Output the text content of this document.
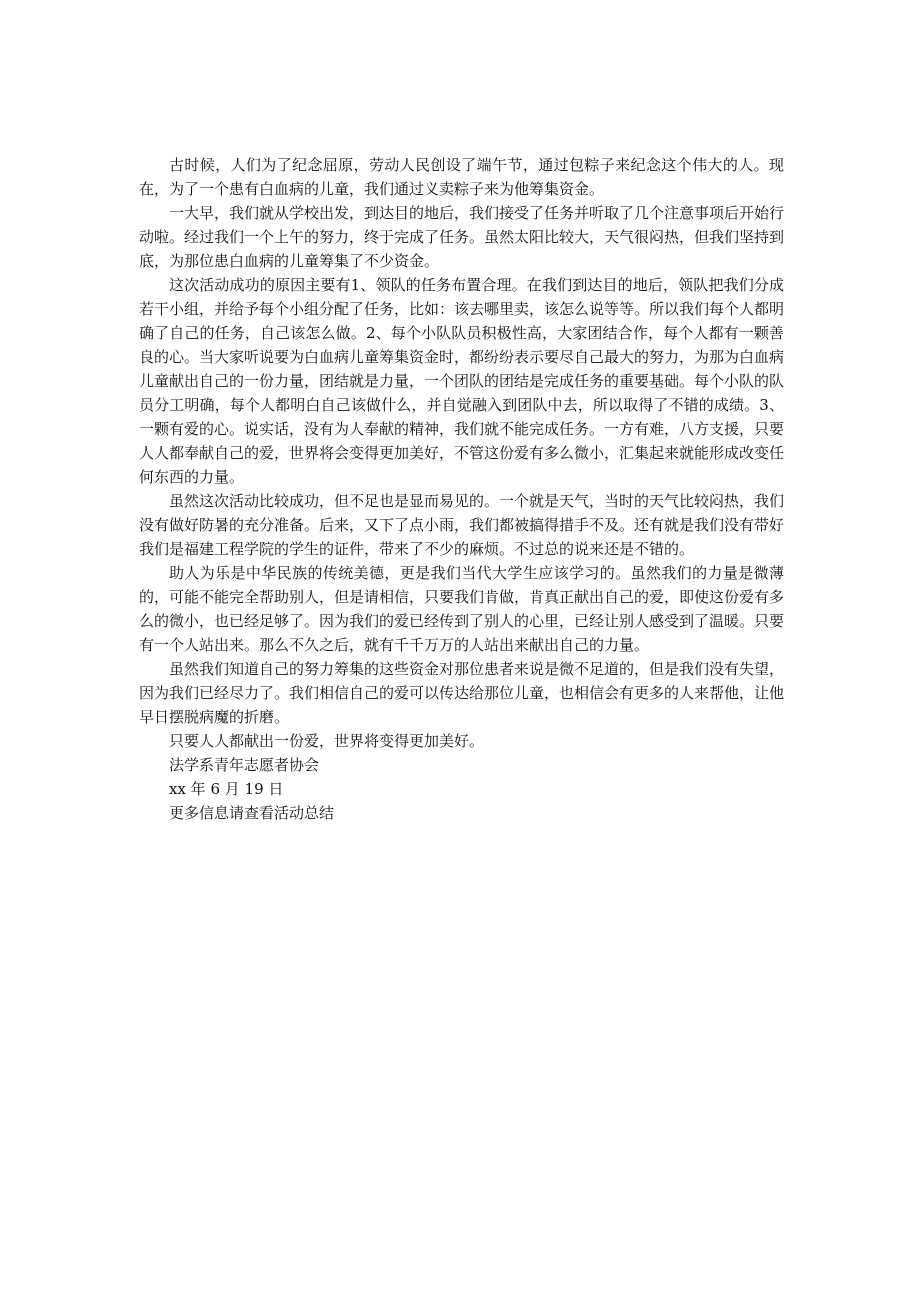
古时候，人们为了纪念屈原，劳动人民创设了端午节，通过包粽子来纪念这个伟大的人。现在，为了一个患有白血病的儿童，我们通过义卖粽子来为他筹集资金。

一大早，我们就从学校出发，到达目的地后，我们接受了任务并听取了几个注意事项后开始行动啦。经过我们一个上午的努力，终于完成了任务。虽然太阳比较大，天气很闷热，但我们坚持到底，为那位患白血病的儿童筹集了不少资金。

这次活动成功的原因主要有1、领队的任务布置合理。在我们到达目的地后，领队把我们分成若干小组，并给予每个小组分配了任务，比如：该去哪里卖，该怎么说等等。所以我们每个人都明确了自己的任务，自己该怎么做。2、每个小队队员积极性高，大家团结合作，每个人都有一颗善良的心。当大家听说要为白血病儿童筹集资金时，都纷纷表示要尽自己最大的努力，为那为白血病儿童献出自己的一份力量，团结就是力量，一个团队的团结是完成任务的重要基础。每个小队的队员分工明确，每个人都明白自己该做什么，并自觉融入到团队中去，所以取得了不错的成绩。3、一颗有爱的心。说实话，没有为人奉献的精神，我们就不能完成任务。一方有难，八方支援，只要人人都奉献自己的爱，世界将会变得更加美好，不管这份爱有多么微小，汇集起来就能形成改变任何东西的力量。

虽然这次活动比较成功，但不足也是显而易见的。一个就是天气，当时的天气比较闷热，我们没有做好防暑的充分准备。后来，又下了点小雨，我们都被搞得措手不及。还有就是我们没有带好我们是福建工程学院的学生的证件，带来了不少的麻烦。不过总的说来还是不错的。

助人为乐是中华民族的传统美德，更是我们当代大学生应该学习的。虽然我们的力量是微薄的，可能不能完全帮助别人，但是请相信，只要我们肯做，肯真正献出自己的爱，即使这份爱有多么的微小，也已经足够了。因为我们的爱已经传到了别人的心里，已经让别人感受到了温暖。只要有一个人站出来。那么不久之后，就有千千万万的人站出来献出自己的力量。

虽然我们知道自己的努力筹集的这些资金对那位患者来说是微不足道的，但是我们没有失望，因为我们已经尽力了。我们相信自己的爱可以传达给那位儿童，也相信会有更多的人来帮他，让他早日摆脱病魔的折磨。

只要人人都献出一份爱，世界将变得更加美好。

法学系青年志愿者协会

xx 年 6 月 19 日

更多信息请查看活动总结
